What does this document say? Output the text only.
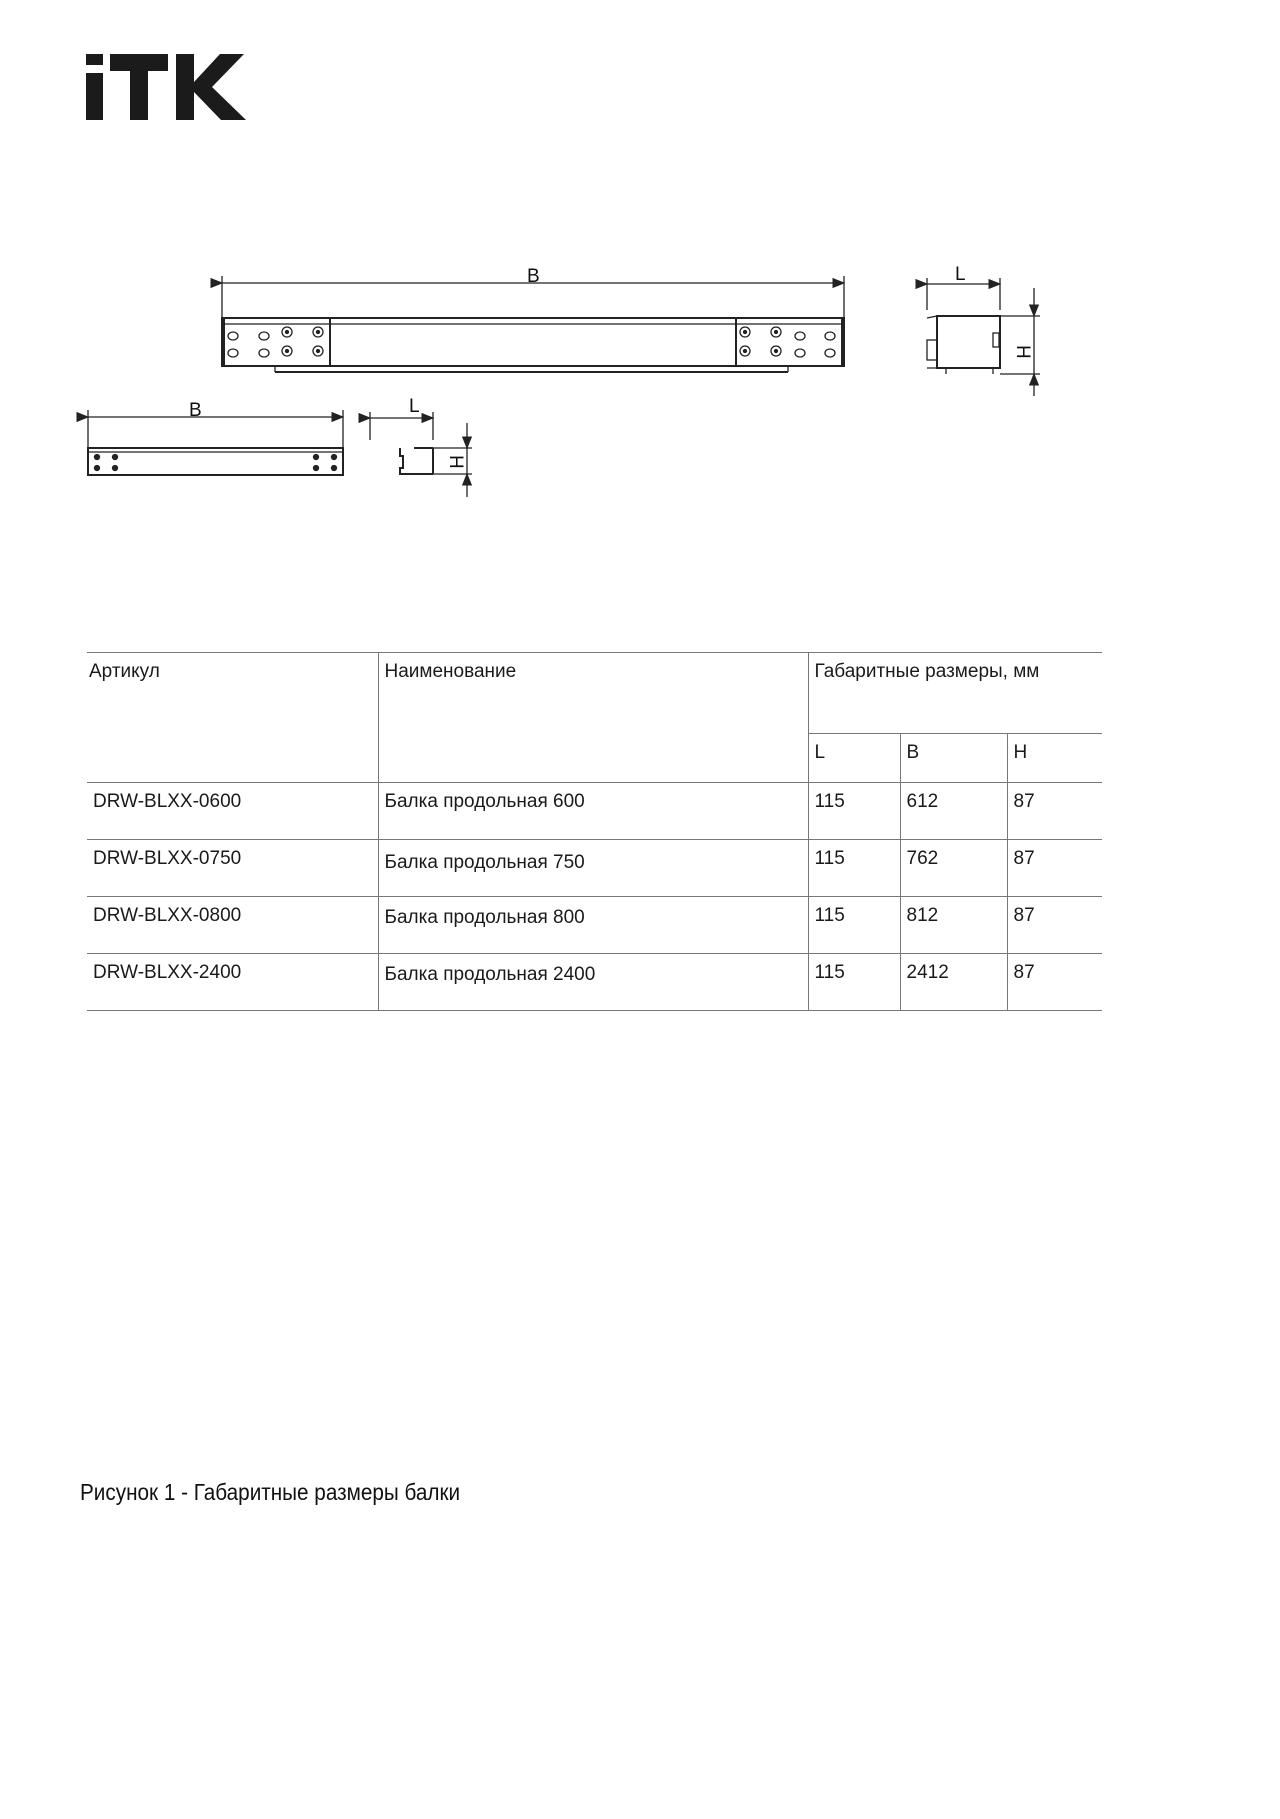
B	L
H
B	L
H
Артикул	Наименование	Габаритные размеры, мм		
		L	B	H
DRW-BLXX-0600	Балка продольная 600	115	612	87
DRW-BLXX-0750	Балка продольная 750	115	762	87
DRW-BLXX-0800	Балка продольная 800	115	812	87
DRW-BLXX-2400	Балка продольная 2400	115	2412	87
Рисунок 1 - Габаритные размеры балки
